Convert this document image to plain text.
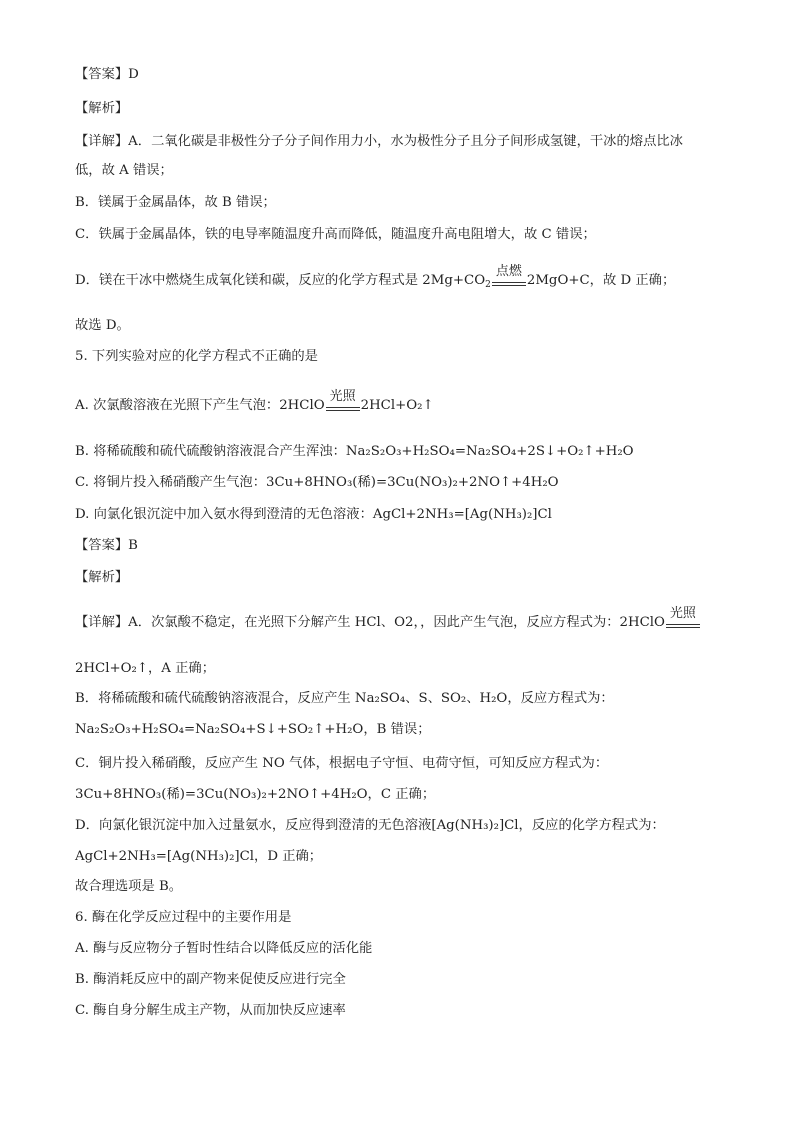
【答案】D
【解析】
【详解】A．二氧化碳是非极性分子分子间作用力小，水为极性分子且分子间形成氢键，干冰的熔点比冰
低，故 A 错误；
B．镁属于金属晶体，故 B 错误；
C．铁属于金属晶体，铁的电导率随温度升高而降低，随温度升高电阻增大，故 C 错误；
D．镁在干冰中燃烧生成氧化镁和碳，反应的化学方程式是 $2Mg+CO_2$
点燃
2MgO+C，故 D 正确；
故选 D。
5. 下列实验对应的化学方程式不正确的是
A. 次氯酸溶液在光照下产生气泡：2HClO
光照
2HCl+O₂↑
B. 将稀硫酸和硫代硫酸钠溶液混合产生浑浊：Na₂S₂O₃+H₂SO₄=Na₂SO₄+2S↓+O₂↑+H₂O
C. 将铜片投入稀硝酸产生气泡：3Cu+8HNO₃(稀)=3Cu(NO₃)₂+2NO↑+4H₂O
D. 向氯化银沉淀中加入氨水得到澄清的无色溶液：AgCl+2NH₃=[Ag(NH₃)₂]Cl
【答案】B
【解析】
【详解】A．次氯酸不稳定，在光照下分解产生 HCl、O2，，因此产生气泡，反应方程式为：2HClO
光照
2HCl+O₂↑，A 正确；
B．将稀硫酸和硫代硫酸钠溶液混合，反应产生 Na₂SO₄、S、SO₂、H₂O，反应方程式为：
Na₂S₂O₃+H₂SO₄=Na₂SO₄+S↓+SO₂↑+H₂O，B 错误；
C．铜片投入稀硝酸，反应产生 NO 气体，根据电子守恒、电荷守恒，可知反应方程式为：
3Cu+8HNO₃(稀)=3Cu(NO₃)₂+2NO↑+4H₂O，C 正确；
D．向氯化银沉淀中加入过量氨水，反应得到澄清的无色溶液[Ag(NH₃)₂]Cl，反应的化学方程式为：
AgCl+2NH₃=[Ag(NH₃)₂]Cl，D 正确；
故合理选项是 B。
6. 酶在化学反应过程中的主要作用是
A. 酶与反应物分子暂时性结合以降低反应的活化能
B. 酶消耗反应中的副产物来促使反应进行完全
C. 酶自身分解生成主产物，从而加快反应速率
